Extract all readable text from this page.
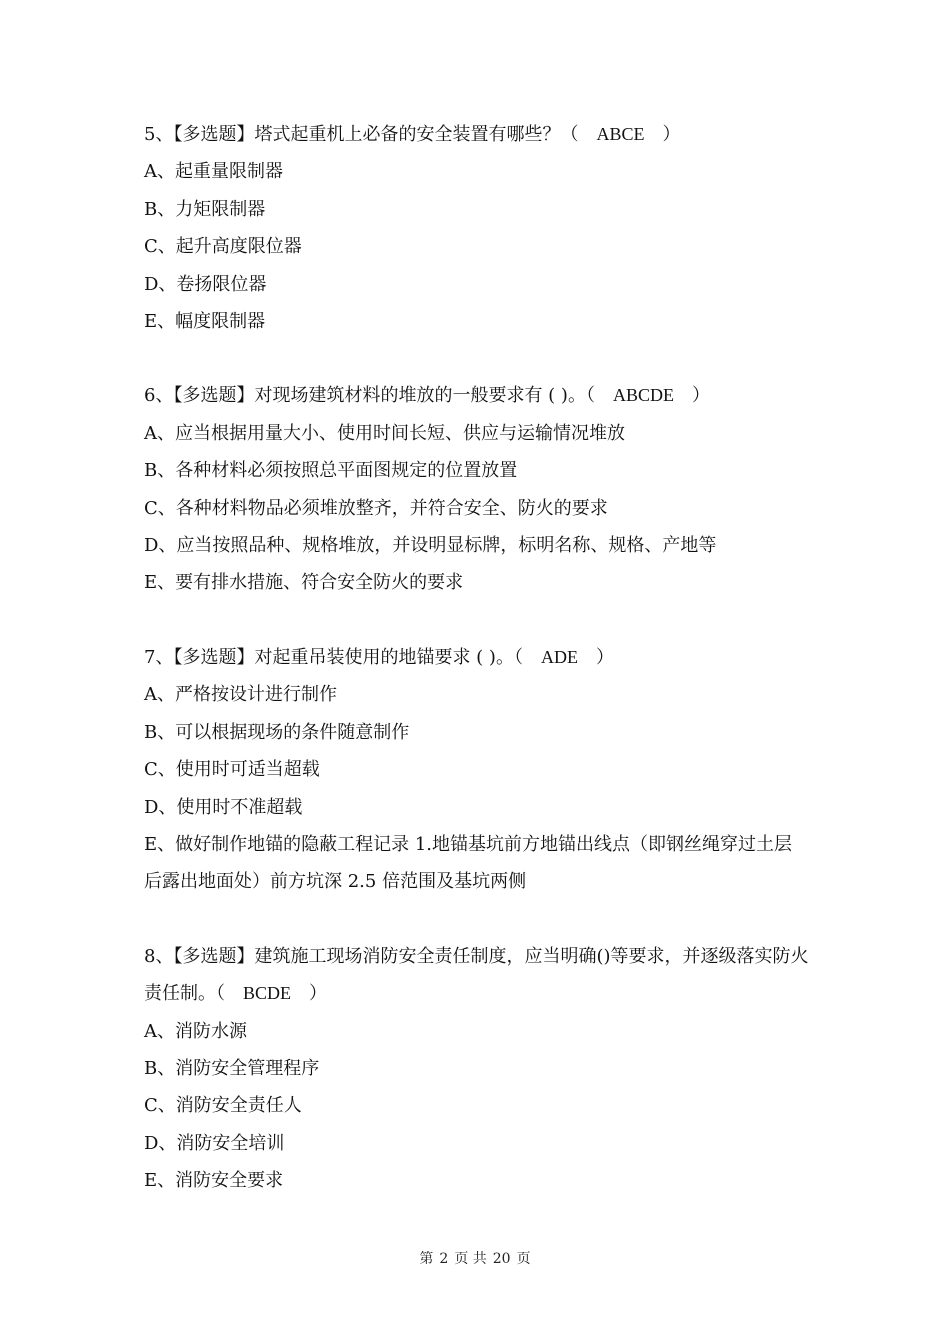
5、【多选题】塔式起重机上必备的安全装置有哪些？（ ABCE ）
A、起重量限制器
B、力矩限制器
C、起升高度限位器
D、卷扬限位器
E、幅度限制器
6、【多选题】对现场建筑材料的堆放的一般要求有 ( )。（ ABCDE ）
A、应当根据用量大小、使用时间长短、供应与运输情况堆放
B、各种材料必须按照总平面图规定的位置放置
C、各种材料物品必须堆放整齐，并符合安全、防火的要求
D、应当按照品种、规格堆放，并设明显标牌，标明名称、规格、产地等
E、要有排水措施、符合安全防火的要求
7、【多选题】对起重吊装使用的地锚要求 ( )。（ ADE ）
A、严格按设计进行制作
B、可以根据现场的条件随意制作
C、使用时可适当超载
D、使用时不准超载
E、做好制作地锚的隐蔽工程记录 1.地锚基坑前方地锚出线点（即钢丝绳穿过土层后露出地面处）前方坑深 2.5 倍范围及基坑两侧
8、【多选题】建筑施工现场消防安全责任制度，应当明确()等要求，并逐级落实防火责任制。（ BCDE ）
A、消防水源
B、消防安全管理程序
C、消防安全责任人
D、消防安全培训
E、消防安全要求
第 2 页 共 20 页
